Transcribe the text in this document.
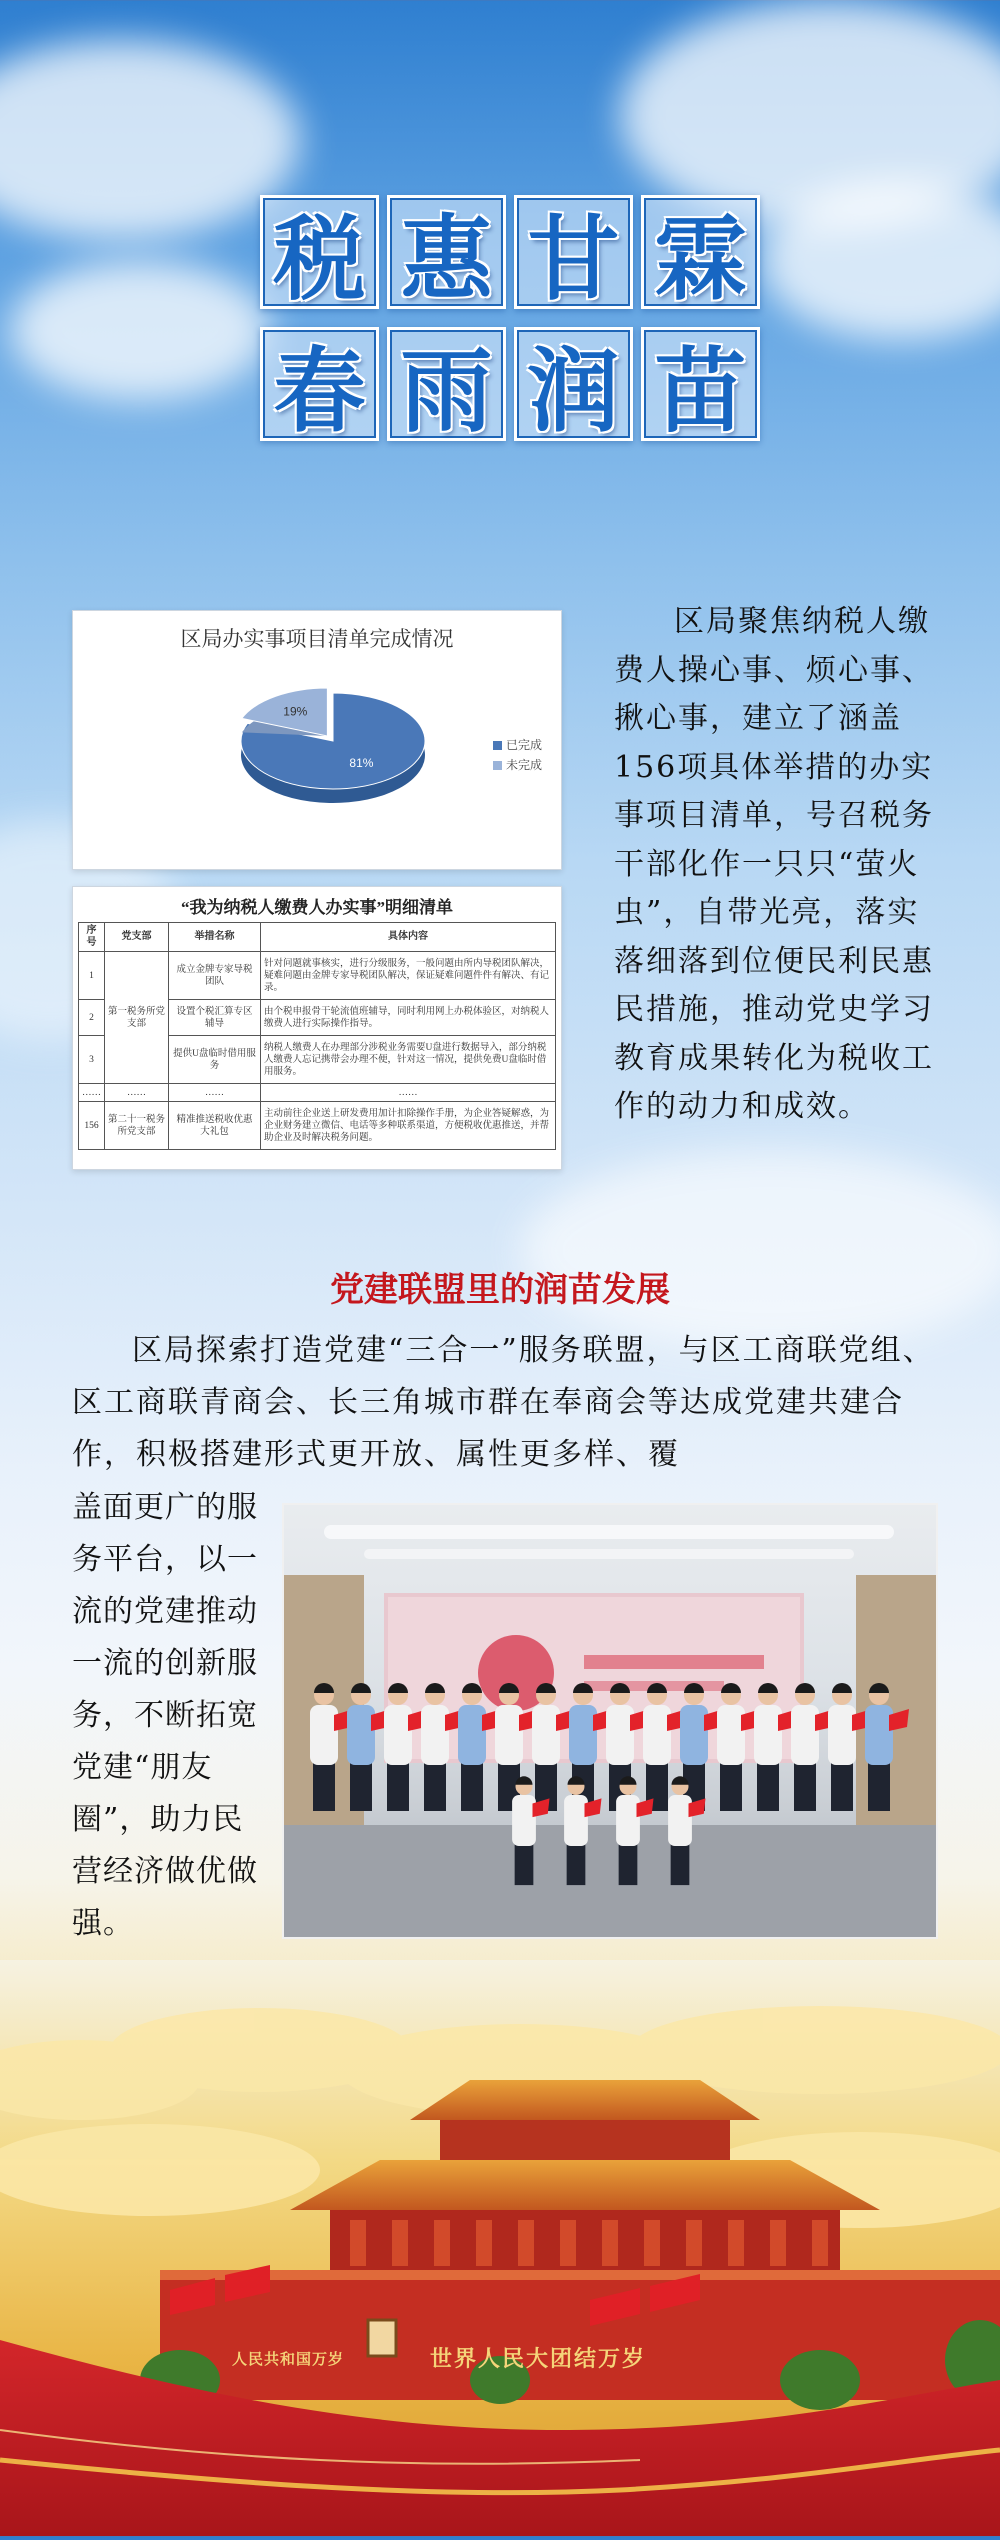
税 惠 甘 霖
春 雨 润 苗
区局办实事项目清单完成情况
81%
19%
已完成
未完成
“我为纳税人缴费人办实事”明细清单
序号	党支部	举措名称	具体内容
1	第一税务所党支部	成立金牌专家导税团队	针对问题就事核实，进行分级服务，一般问题由所内导税团队解决，疑难问题由金牌专家导税团队解决，保证疑难问题件件有解决、有记录。
2		设置个税汇算专区辅导	由个税申报骨干轮流值班辅导，同时利用网上办税体验区，对纳税人缴费人进行实际操作指导。
3		提供U盘临时借用服务	纳税人缴费人在办理部分涉税业务需要U盘进行数据导入，部分纳税人缴费人忘记携带会办理不便，针对这一情况，提供免费U盘临时借用服务。
……	……	……	……
156	第二十一税务所党支部	精准推送税收优惠大礼包	主动前往企业送上研发费用加计扣除操作手册，为企业答疑解惑，为企业财务建立微信、电话等多种联系渠道，方便税收优惠推送，并帮助企业及时解决税务问题。
区局聚焦纳税人缴费人操心事、烦心事、揪心事，建立了涵盖156项具体举措的办实事项目清单，号召税务干部化作一只只“萤火虫”，自带光亮，落实落细落到位便民利民惠民措施，推动党史学习教育成果转化为税收工作的动力和成效。
党建联盟里的润苗发展
区局探索打造党建“三合一”服务联盟，与区工商联党组、区工商联青商会、长三角城市群在奉商会等达成党建共建合作，积极搭建形式更开放、属性更多样、覆
盖面更广的服务平台，以一流的党建推动一流的创新服务，不断拓宽党建“朋友圈”，助力民营经济做优做强。
人民共和国万岁	世界人民大团结万岁
